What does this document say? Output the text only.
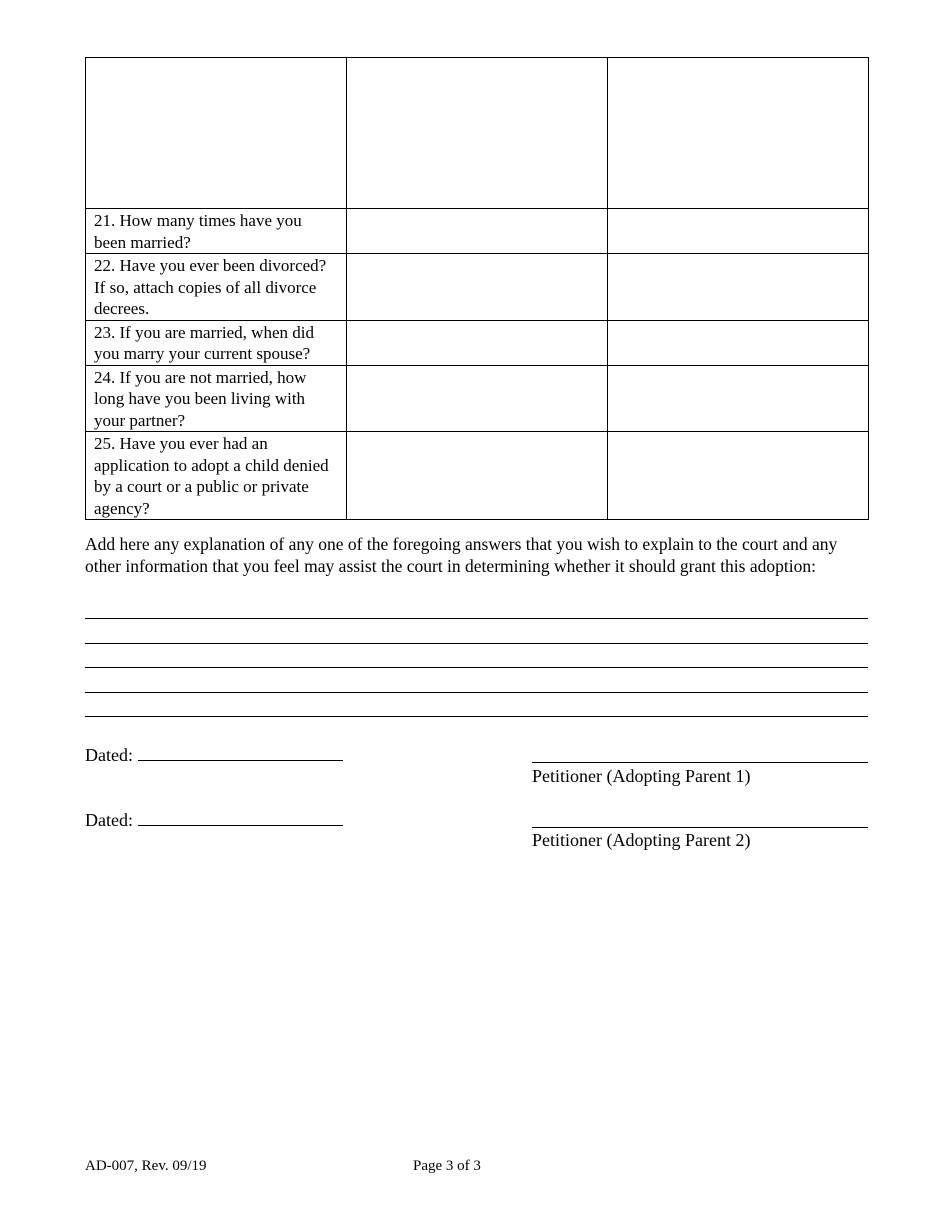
21. How many times have you been married?		
22. Have you ever been divorced? If so, attach copies of all divorce decrees.		
23. If you are married, when did you marry your current spouse?		
24. If you are not married, how long have you been living with your partner?		
25. Have you ever had an application to adopt a child denied by a court or a public or private agency?		

Add here any explanation of any one of the foregoing answers that you wish to explain to the court and any other information that you feel may assist the court in determining whether it should grant this adoption:

Dated:
Petitioner (Adopting Parent 1)
Dated:
Petitioner (Adopting Parent 2)
AD-007, Rev. 09/19	Page 3 of 3
